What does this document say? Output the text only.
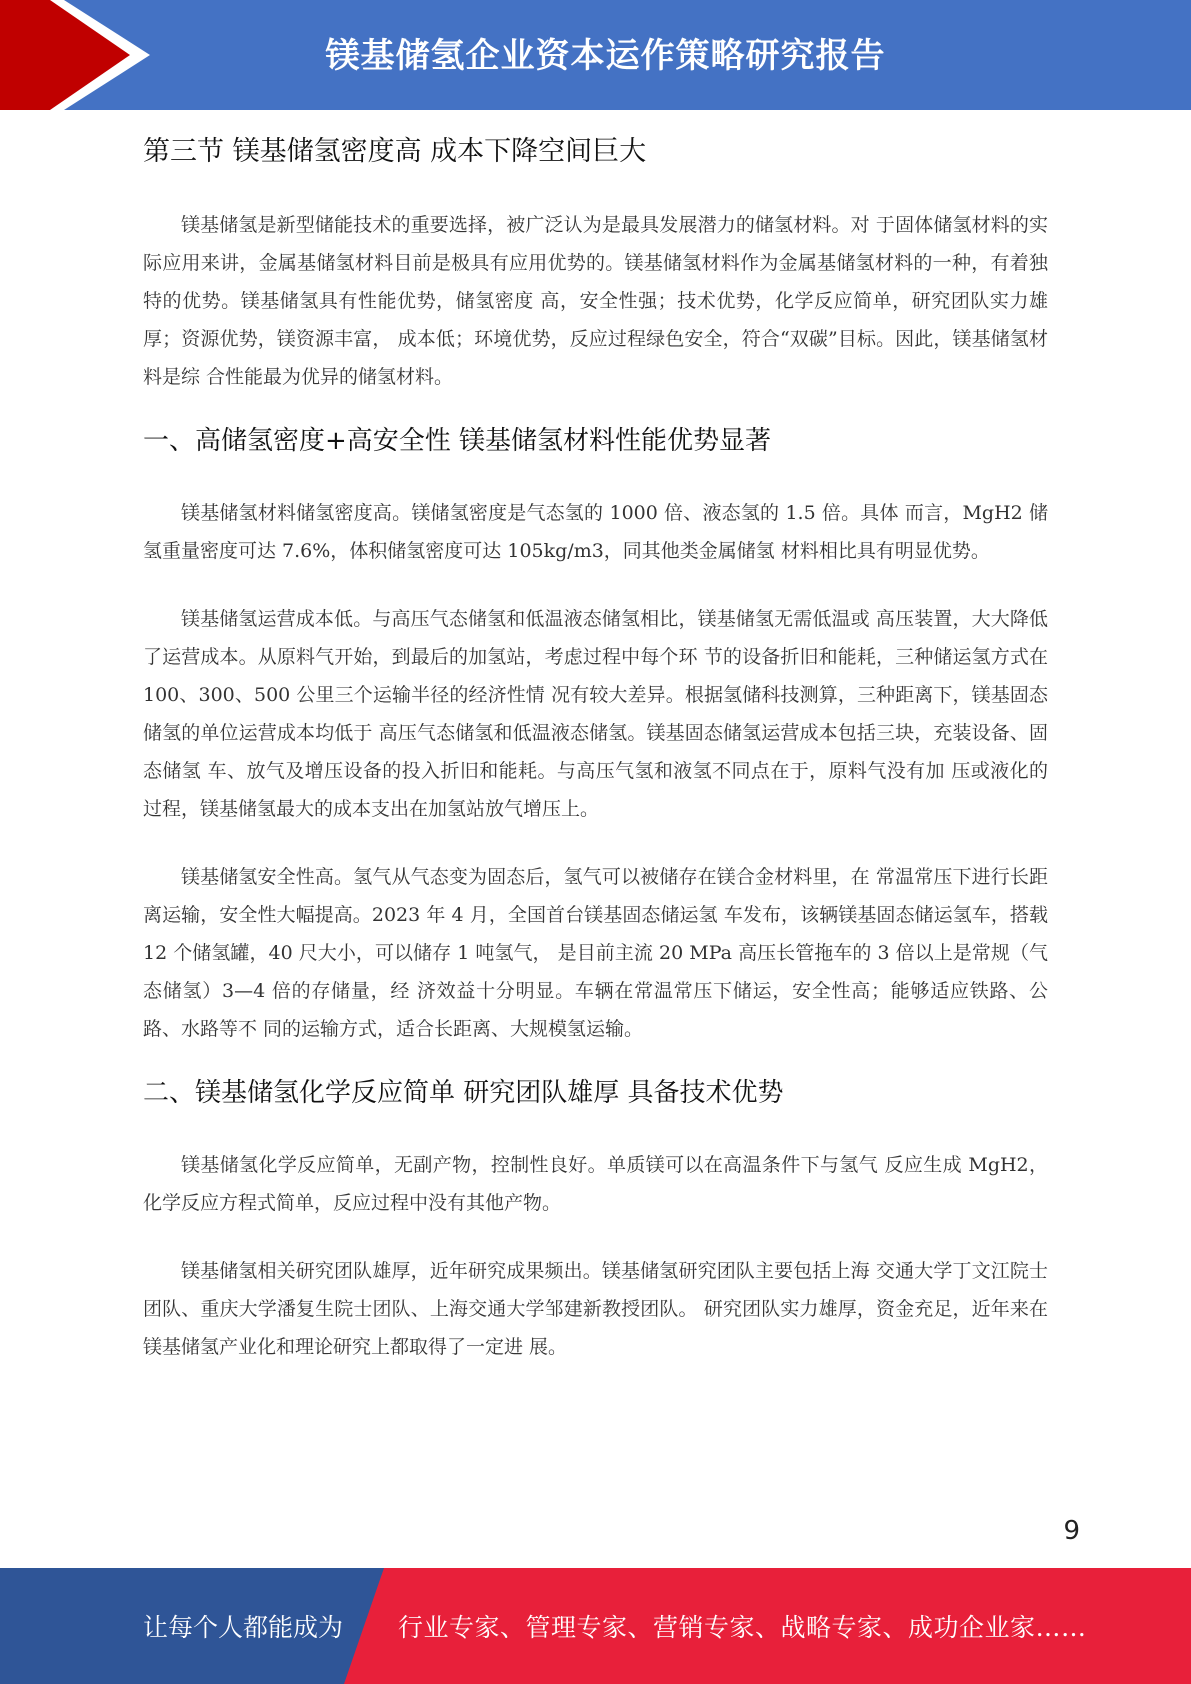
镁基储氢企业资本运作策略研究报告
第三节 镁基储氢密度高 成本下降空间巨大

镁基储氢是新型储能技术的重要选择，被广泛认为是最具发展潜力的储氢材料。对 于固体储氢材料的实际应用来讲，金属基储氢材料目前是极具有应用优势的。镁基储氢材料作为金属基储氢材料的一种，有着独特的优势。镁基储氢具有性能优势，储氢密度 高，安全性强；技术优势，化学反应简单，研究团队实力雄厚；资源优势，镁资源丰富， 成本低；环境优势，反应过程绿色安全，符合“双碳”目标。因此，镁基储氢材料是综 合性能最为优异的储氢材料。

一、高储氢密度+高安全性 镁基储氢材料性能优势显著

镁基储氢材料储氢密度高。镁储氢密度是气态氢的 1000 倍、液态氢的 1.5 倍。具体 而言，MgH2 储氢重量密度可达 7.6%，体积储氢密度可达 105kg/m3，同其他类金属储氢 材料相比具有明显优势。

镁基储氢运营成本低。与高压气态储氢和低温液态储氢相比，镁基储氢无需低温或 高压装置，大大降低了运营成本。从原料气开始，到最后的加氢站，考虑过程中每个环 节的设备折旧和能耗，三种储运氢方式在 100、300、500 公里三个运输半径的经济性情 况有较大差异。根据氢储科技测算，三种距离下，镁基固态储氢的单位运营成本均低于 高压气态储氢和低温液态储氢。镁基固态储氢运营成本包括三块，充装设备、固态储氢 车、放气及增压设备的投入折旧和能耗。与高压气氢和液氢不同点在于，原料气没有加 压或液化的过程，镁基储氢最大的成本支出在加氢站放气增压上。

镁基储氢安全性高。氢气从气态变为固态后，氢气可以被储存在镁合金材料里，在 常温常压下进行长距离运输，安全性大幅提高。2023 年 4 月，全国首台镁基固态储运氢 车发布，该辆镁基固态储运氢车，搭载 12 个储氢罐，40 尺大小，可以储存 1 吨氢气， 是目前主流 20 MPa 高压长管拖车的 3 倍以上是常规（气态储氢）3—4 倍的存储量，经 济效益十分明显。车辆在常温常压下储运，安全性高；能够适应铁路、公路、水路等不 同的运输方式，适合长距离、大规模氢运输。

二、镁基储氢化学反应简单 研究团队雄厚 具备技术优势

镁基储氢化学反应简单，无副产物，控制性良好。单质镁可以在高温条件下与氢气 反应生成 MgH2，化学反应方程式简单，反应过程中没有其他产物。

镁基储氢相关研究团队雄厚，近年研究成果频出。镁基储氢研究团队主要包括上海 交通大学丁文江院士团队、重庆大学潘复生院士团队、上海交通大学邹建新教授团队。 研究团队实力雄厚，资金充足，近年来在镁基储氢产业化和理论研究上都取得了一定进 展。

9
让每个人都能成为 行业专家、管理专家、营销专家、战略专家、成功企业家……
